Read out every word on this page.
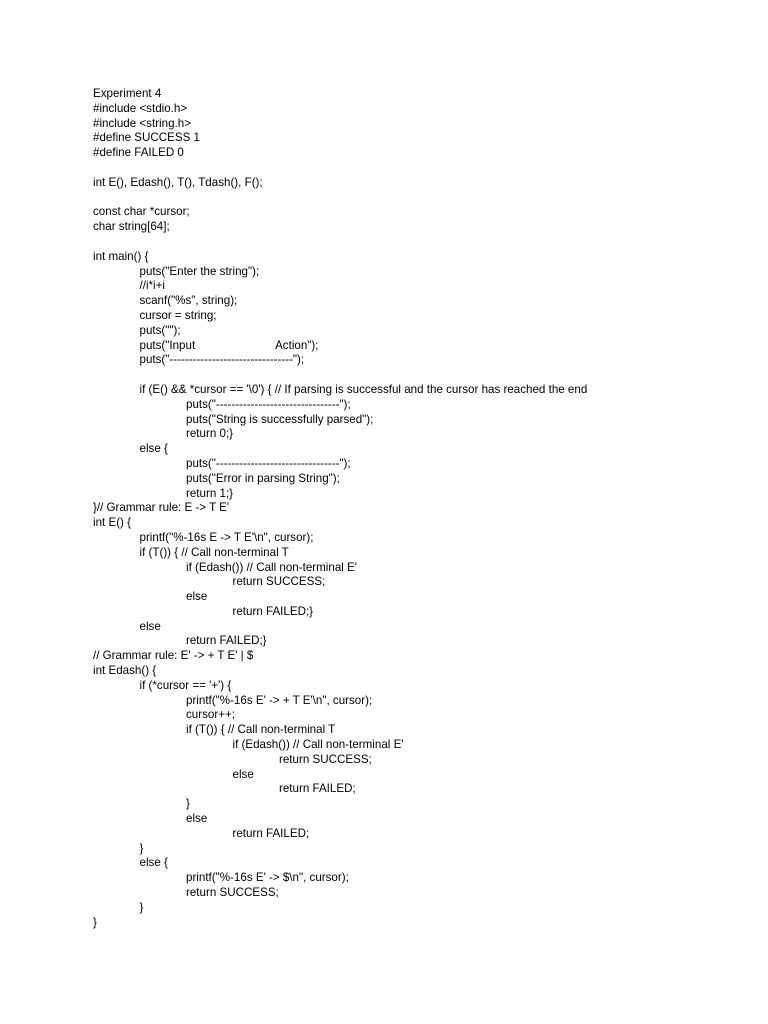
Experiment 4
#include <stdio.h>
#include <string.h>
#define SUCCESS 1
#define FAILED 0
int E(), Edash(), T(), Tdash(), F();
const char *cursor;
char string[64];
int main() {
puts("Enter the string");
//i*i+i
scanf("%s", string);
cursor = string;
puts("");
puts("Input                         Action");
puts("--------------------------------");
if (E() && *cursor == '\0') { // If parsing is successful and the cursor has reached the end
puts("--------------------------------");
puts("String is successfully parsed");
return 0;}
else {
puts("--------------------------------");
puts("Error in parsing String");
return 1;}
}// Grammar rule: E -> T E'
int E() {
printf("%-16s E -> T E'\n", cursor);
if (T()) { // Call non-terminal T
if (Edash()) // Call non-terminal E'
return SUCCESS;
else
return FAILED;}
else
return FAILED;}
// Grammar rule: E' -> + T E' | $
int Edash() {
if (*cursor == '+') {
printf("%-16s E' -> + T E'\n", cursor);
cursor++;
if (T()) { // Call non-terminal T
if (Edash()) // Call non-terminal E'
return SUCCESS;
else
return FAILED;
}
else
return FAILED;
}
else {
printf("%-16s E' -> $\n", cursor);
return SUCCESS;
}
}
